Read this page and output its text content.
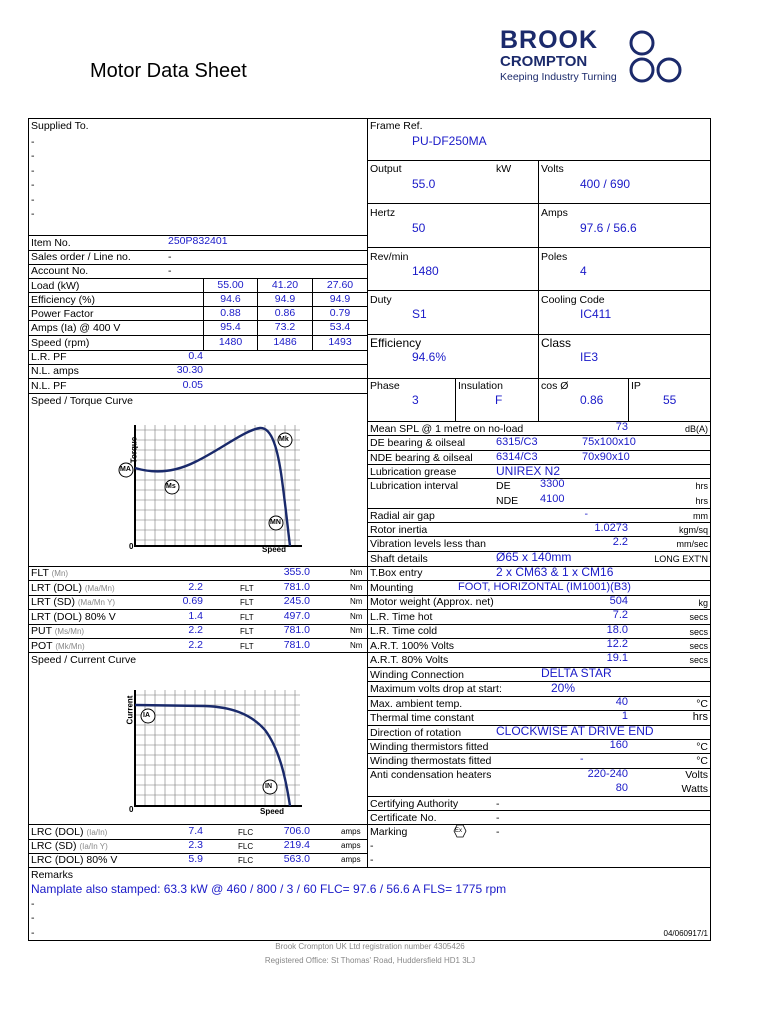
Motor Data Sheet
BROOK
CROMPTON
Keeping Industry Turning
Supplied To.
-
-
-
-
-
-
Item No.	250P832401
Sales order / Line no.	-
Account No.	-
Load (kW)	55.00	41.20	27.60
Efficiency (%)	94.6	94.9	94.9
Power Factor	0.88	0.86	0.79
Amps (Ia) @ 400 V	95.4	73.2	53.4
Speed (rpm)	1480	1486	1493
L.R. PF	0.4
N.L. amps	30.30
N.L. PF	0.05
Speed / Torque Curve
Torque
Speed
0
MA
Ms
Mk
MN
FLT (Mn)	355.0	Nm
LRT (DOL) (Ma/Mn)	2.2	FLT	781.0	Nm
LRT (SD) (Ma/Mn Y)	0.69	FLT	245.0	Nm
LRT (DOL) 80% V	1.4	FLT	497.0	Nm
PUT (Ms/Mn)	2.2	FLT	781.0	Nm
POT (Mk/Mn)	2.2	FLT	781.0	Nm
Speed / Current Curve
Current
Speed
0
IA
IN
LRC (DOL) (Ia/In)	7.4	FLC	706.0	amps
LRC (SD) (Ia/In Y)	2.3	FLC	219.4	amps
LRC (DOL) 80% V	5.9	FLC	563.0	amps
Frame Ref.
PU-DF250MA
Output	kW
55.0
Volts
400 / 690
Hertz
50
Amps
97.6 / 56.6
Rev/min
1480
Poles
4
Duty
S1
Cooling Code
IC411
Efficiency
94.6%
Class
IE3
Phase
3
Insulation
F
cos Ø
0.86
IP
55
Mean SPL @ 1 metre on no-load	73	dB(A)
DE bearing & oilseal	6315/C3	75x100x10
NDE bearing & oilseal 6314/C3	70x90x10
Lubrication grease	UNIREX N2
Lubrication interval	DE	3300	hrs
NDE 4100	hrs
Radial air gap	-	mm
Rotor inertia	1.0273	kgm/sq
Vibration levels less than	2.2	mm/sec
Shaft details	Ø65 x 140mm	LONG EXT'N
T.Box entry	2 x CM63 & 1 x CM16
Mounting	FOOT, HORIZONTAL (IM1001)(B3)
Motor weight (Approx. net)	504	kg
L.R. Time hot	7.2	secs
L.R. Time cold	18.0	secs
A.R.T. 100% Volts	12.2	secs
A.R.T. 80% Volts	19.1	secs
Winding Connection	DELTA STAR
Maximum volts drop at start:	20%
Max. ambient temp.	40	°C
Thermal time constant	1	hrs
Direction of rotation	CLOCKWISE AT DRIVE END
Winding thermistors fitted	160	°C
Winding thermostats fitted	-	°C
Anti condensation heaters	220-240	Volts
80	Watts
Certifying Authority	-
Certificate No.	-
Marking	Ex	-
-
-
Remarks
Namplate also stamped: 63.3 kW @ 460 / 800 / 3 / 60 FLC= 97.6 / 56.6 A FLS= 1775 rpm
-
-
-	04/060917/1
Brook Crompton UK Ltd registration number 4305426
Registered Office: St Thomas' Road, Huddersfield HD1 3LJ
